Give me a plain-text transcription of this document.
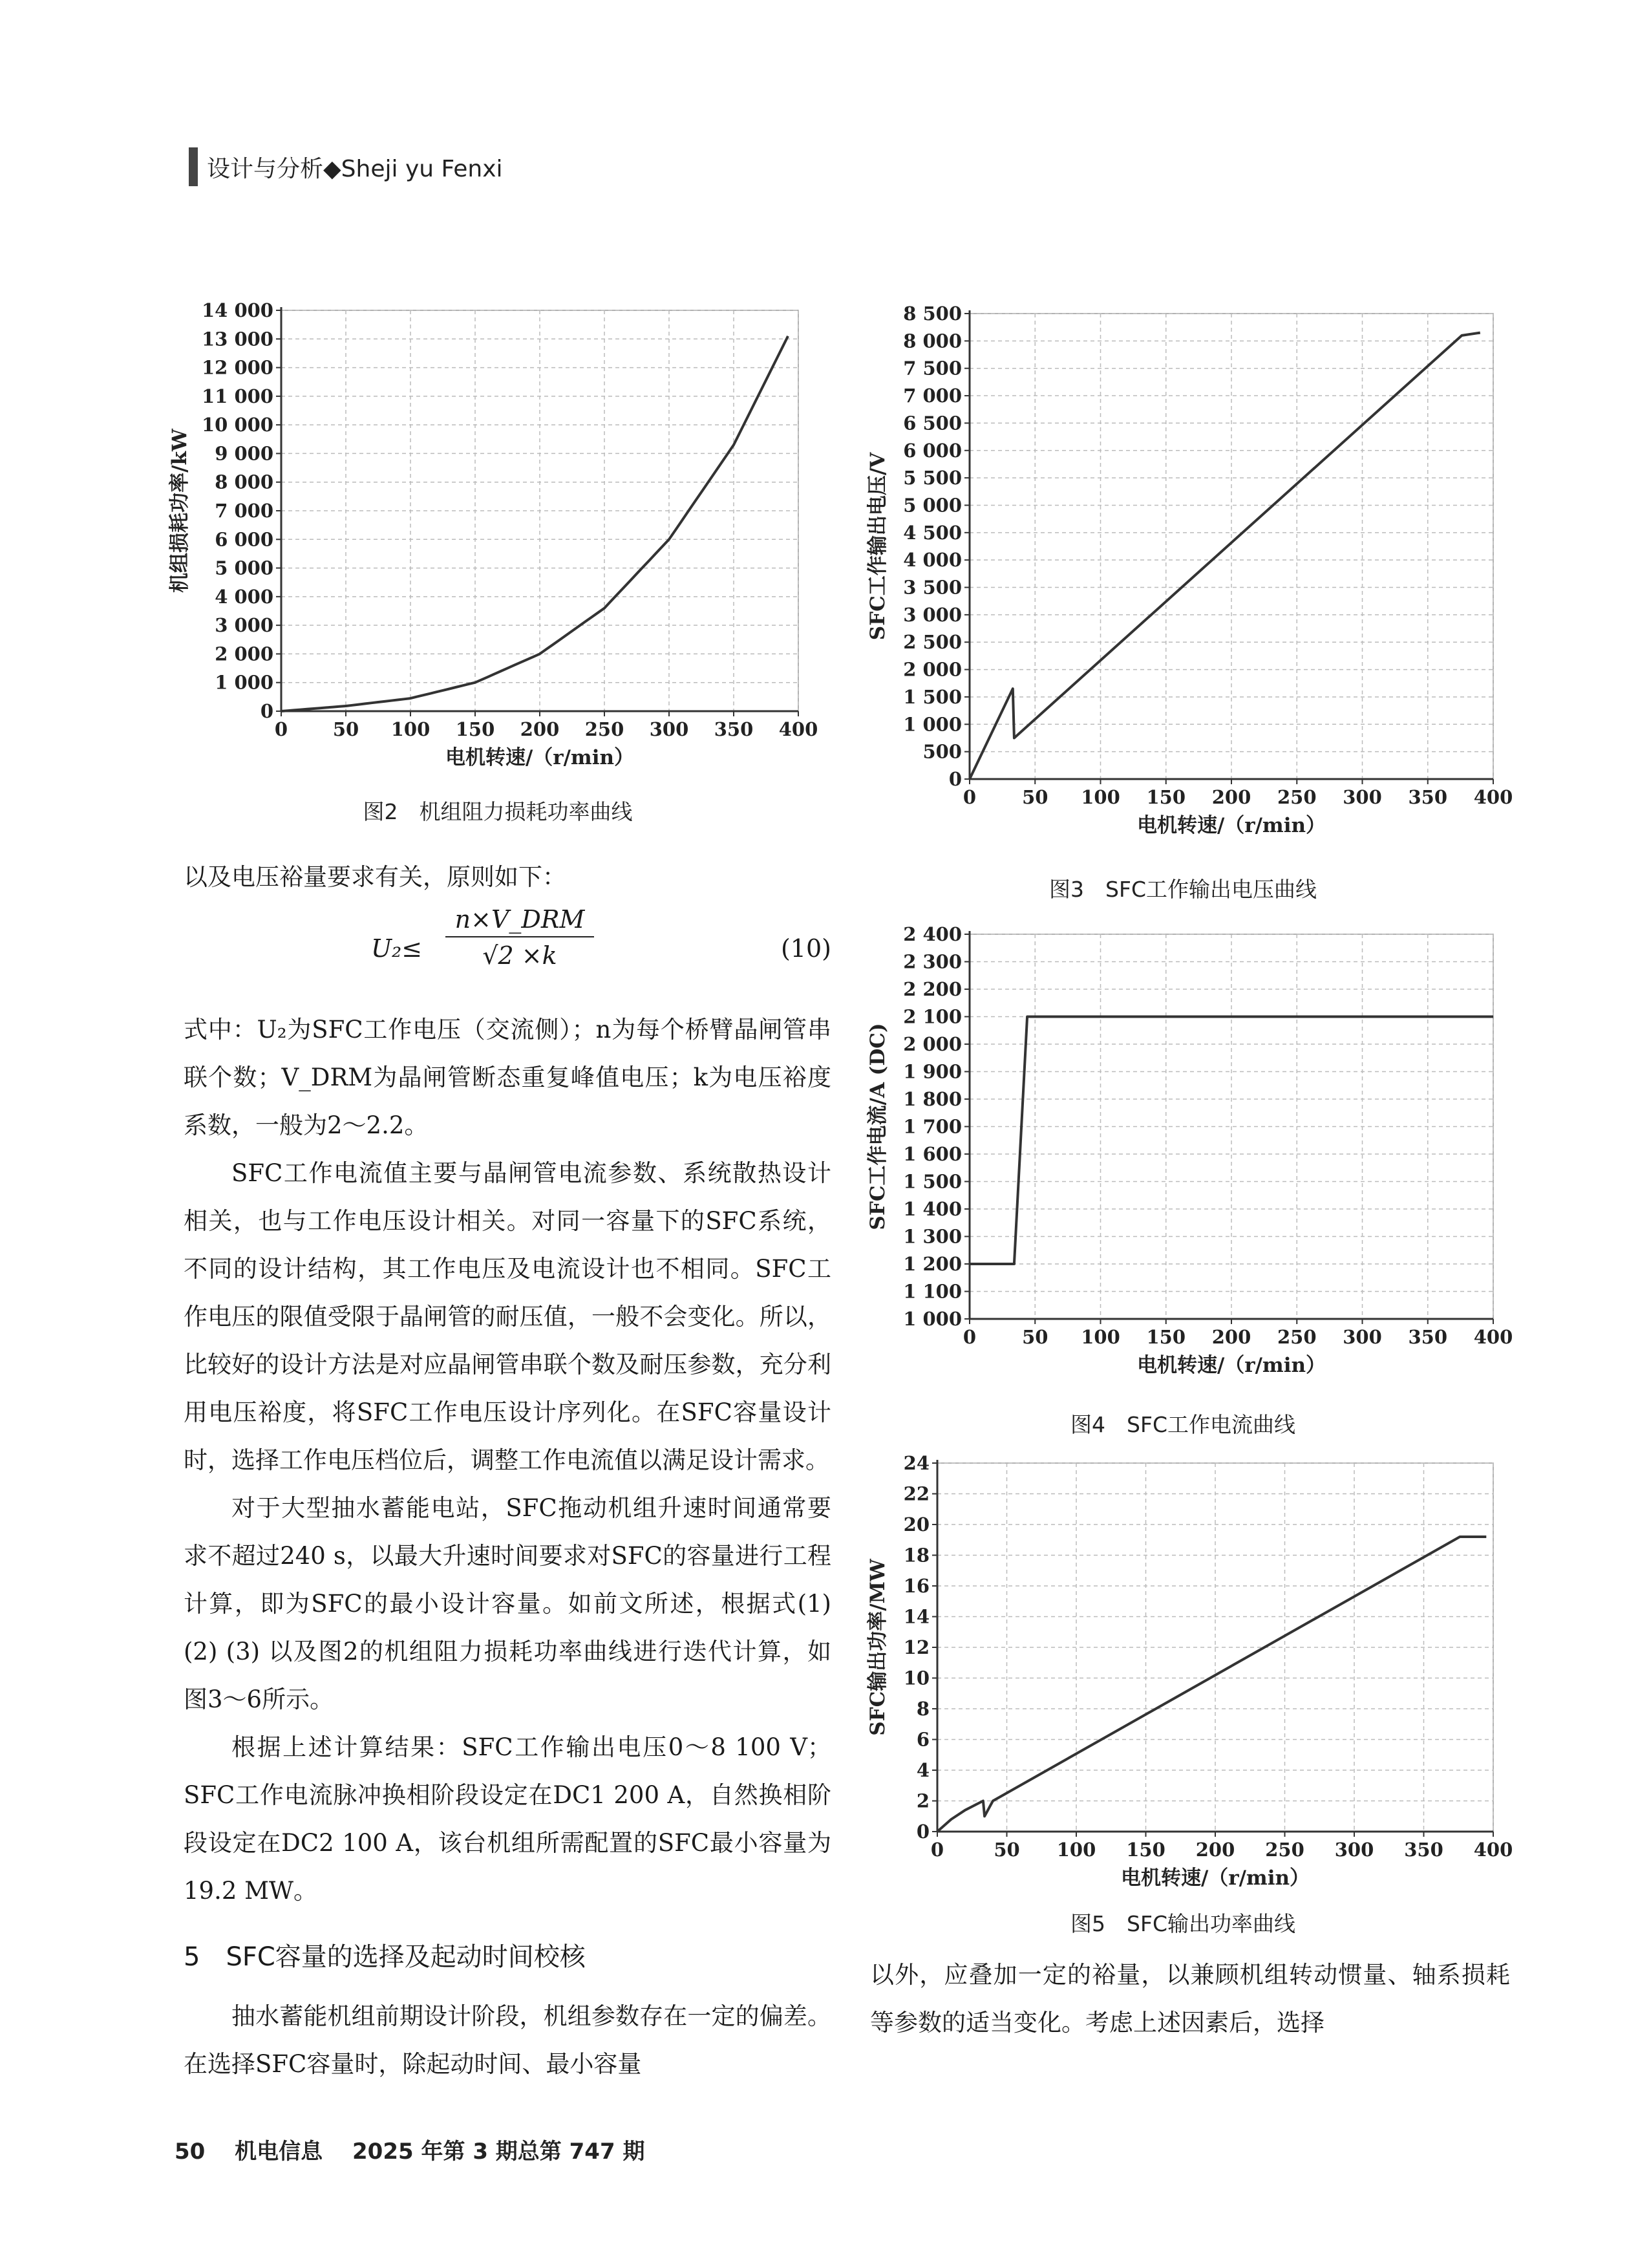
设计与分析◆Sheji yu Fenxi
0 50 100 150 200 250 300 350 400
0
1 000
2 000
3 000
4 000
5 000
6 000
7 000
8 000
9 000
10 000
11 000
12 000
13 000
14 000
电机转速/（r/min）
机组损耗功率/kW
图2　机组阻力损耗功率曲线
0 50 100 150 200 250 300 350 400
0
500
1 000
1 500
2 000
2 500
3 000
3 500
4 000
4 500
5 000
5 500
6 000
6 500
7 000
7 500
8 000
8 500
电机转速/（r/min）
SFC工作输出电压/V
图3　SFC工作输出电压曲线
0 50 100 150 200 250 300 350 400
1 000
1 100
1 200
1 300
1 400
1 500
1 600
1 700
1 800
1 900
2 000
2 100
2 200
2 300
2 400
电机转速/（r/min）
SFC工作电流/A (DC)
图4　SFC工作电流曲线
0	50 100 150 200 250 300 350 400
0
2
4
6
8
10
12
14
16
18
20
22
24
电机转速/（r/min）
SFC输出功率/MW
图5　SFC输出功率曲线

以及电压裕量要求有关，原则如下：

U₂≤
n×V_DRM
√2 ×k	(10)

式中：U₂为SFC工作电压（交流侧）；n为每个桥臂晶闸管串联个数；V_DRM为晶闸管断态重复峰值电压；k为电压裕度系数，一般为2～2.2。

SFC工作电流值主要与晶闸管电流参数、系统散热设计相关，也与工作电压设计相关。对同一容量下的SFC系统，不同的设计结构，其工作电压及电流设计也不相同。SFC工作电压的限值受限于晶闸管的耐压值，一般不会变化。所以，比较好的设计方法是对应晶闸管串联个数及耐压参数，充分利用电压裕度，将SFC工作电压设计序列化。在SFC容量设计时，选择工作电压档位后，调整工作电流值以满足设计需求。

对于大型抽水蓄能电站，SFC拖动机组升速时间通常要求不超过240 s，以最大升速时间要求对SFC的容量进行工程计算，即为SFC的最小设计容量。如前文所述，根据式(1) (2) (3) 以及图2的机组阻力损耗功率曲线进行迭代计算，如图3～6所示。

根据上述计算结果：SFC工作输出电压0～8 100 V；SFC工作电流脉冲换相阶段设定在DC1 200 A，自然换相阶段设定在DC2 100 A，该台机组所需配置的SFC最小容量为19.2 MW。

5　SFC容量的选择及起动时间校核

抽水蓄能机组前期设计阶段，机组参数存在一定的偏差。在选择SFC容量时，除起动时间、最小容量

以外，应叠加一定的裕量，以兼顾机组转动惯量、轴系损耗等参数的适当变化。考虑上述因素后，选择

50 机电信息 2025 年第 3 期总第 747 期
